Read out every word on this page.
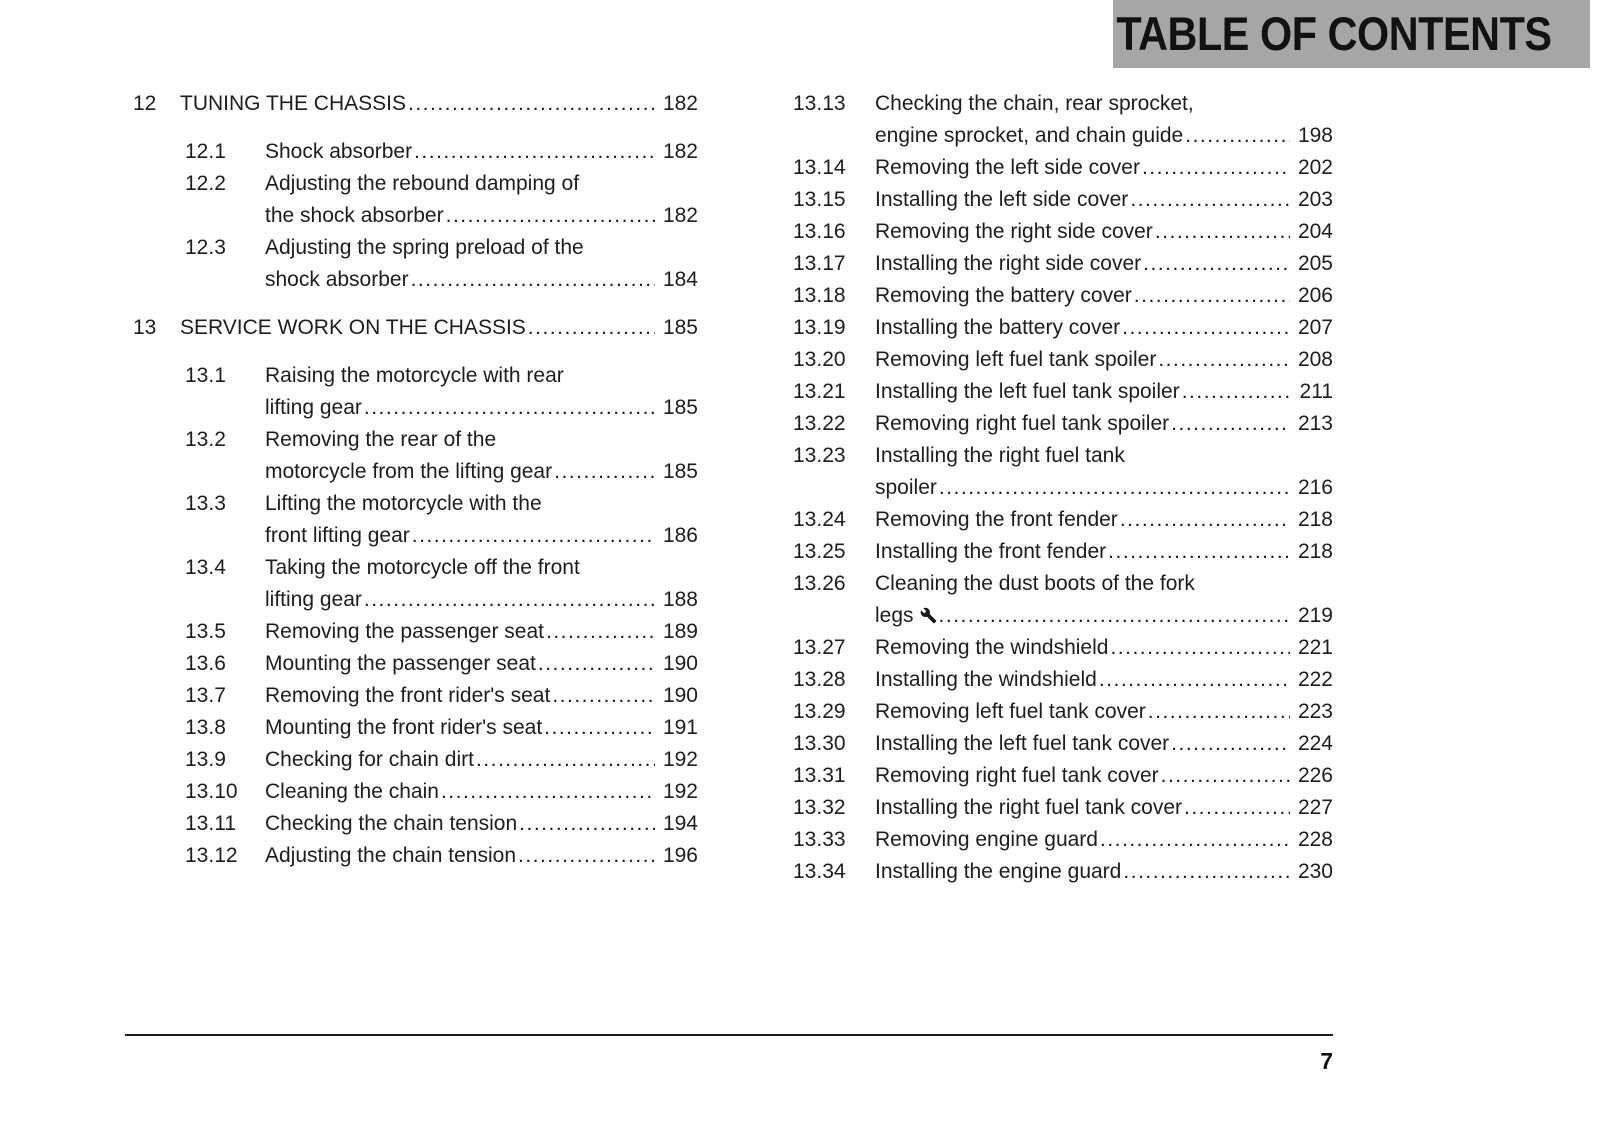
TABLE OF CONTENTS
12	TUNING THE CHASSIS .....	182
12.1	Shock absorber .....	182
12.2	Adjusting the rebound damping of
the shock absorber .....	182
12.3	Adjusting the spring preload of the
shock absorber .....	184
13	SERVICE WORK ON THE CHASSIS .....	185
13.1	Raising the motorcycle with rear
lifting gear .....	185
13.2	Removing the rear of the
motorcycle from the lifting gear .....	185
13.3	Lifting the motorcycle with the
front lifting gear .....	186
13.4	Taking the motorcycle off the front
lifting gear .....	188
13.5	Removing the passenger seat .....	189
13.6	Mounting the passenger seat .....	190
13.7	Removing the front rider's seat .....	190
13.8	Mounting the front rider's seat .....	191
13.9	Checking for chain dirt .....	192
13.10	Cleaning the chain .....	192
13.11	Checking the chain tension .....	194
13.12	Adjusting the chain tension .....	196
13.13	Checking the chain, rear sprocket,
engine sprocket, and chain guide .....	198
13.14	Removing the left side cover .....	202
13.15	Installing the left side cover .....	203
13.16	Removing the right side cover .....	204
13.17	Installing the right side cover .....	205
13.18	Removing the battery cover .....	206
13.19	Installing the battery cover .....	207
13.20	Removing left fuel tank spoiler .....	208
13.21	Installing the left fuel tank spoiler .....	211
13.22	Removing right fuel tank spoiler .....	213
13.23	Installing the right fuel tank
spoiler .....	216
13.24	Removing the front fender .....	218
13.25	Installing the front fender .....	218
13.26	Cleaning the dust boots of the fork
legs .....	219
13.27	Removing the windshield .....	221
13.28	Installing the windshield .....	222
13.29	Removing left fuel tank cover .....	223
13.30	Installing the left fuel tank cover .....	224
13.31	Removing right fuel tank cover .....	226
13.32	Installing the right fuel tank cover .....	227
13.33	Removing engine guard .....	228
13.34	Installing the engine guard .....	230
7
